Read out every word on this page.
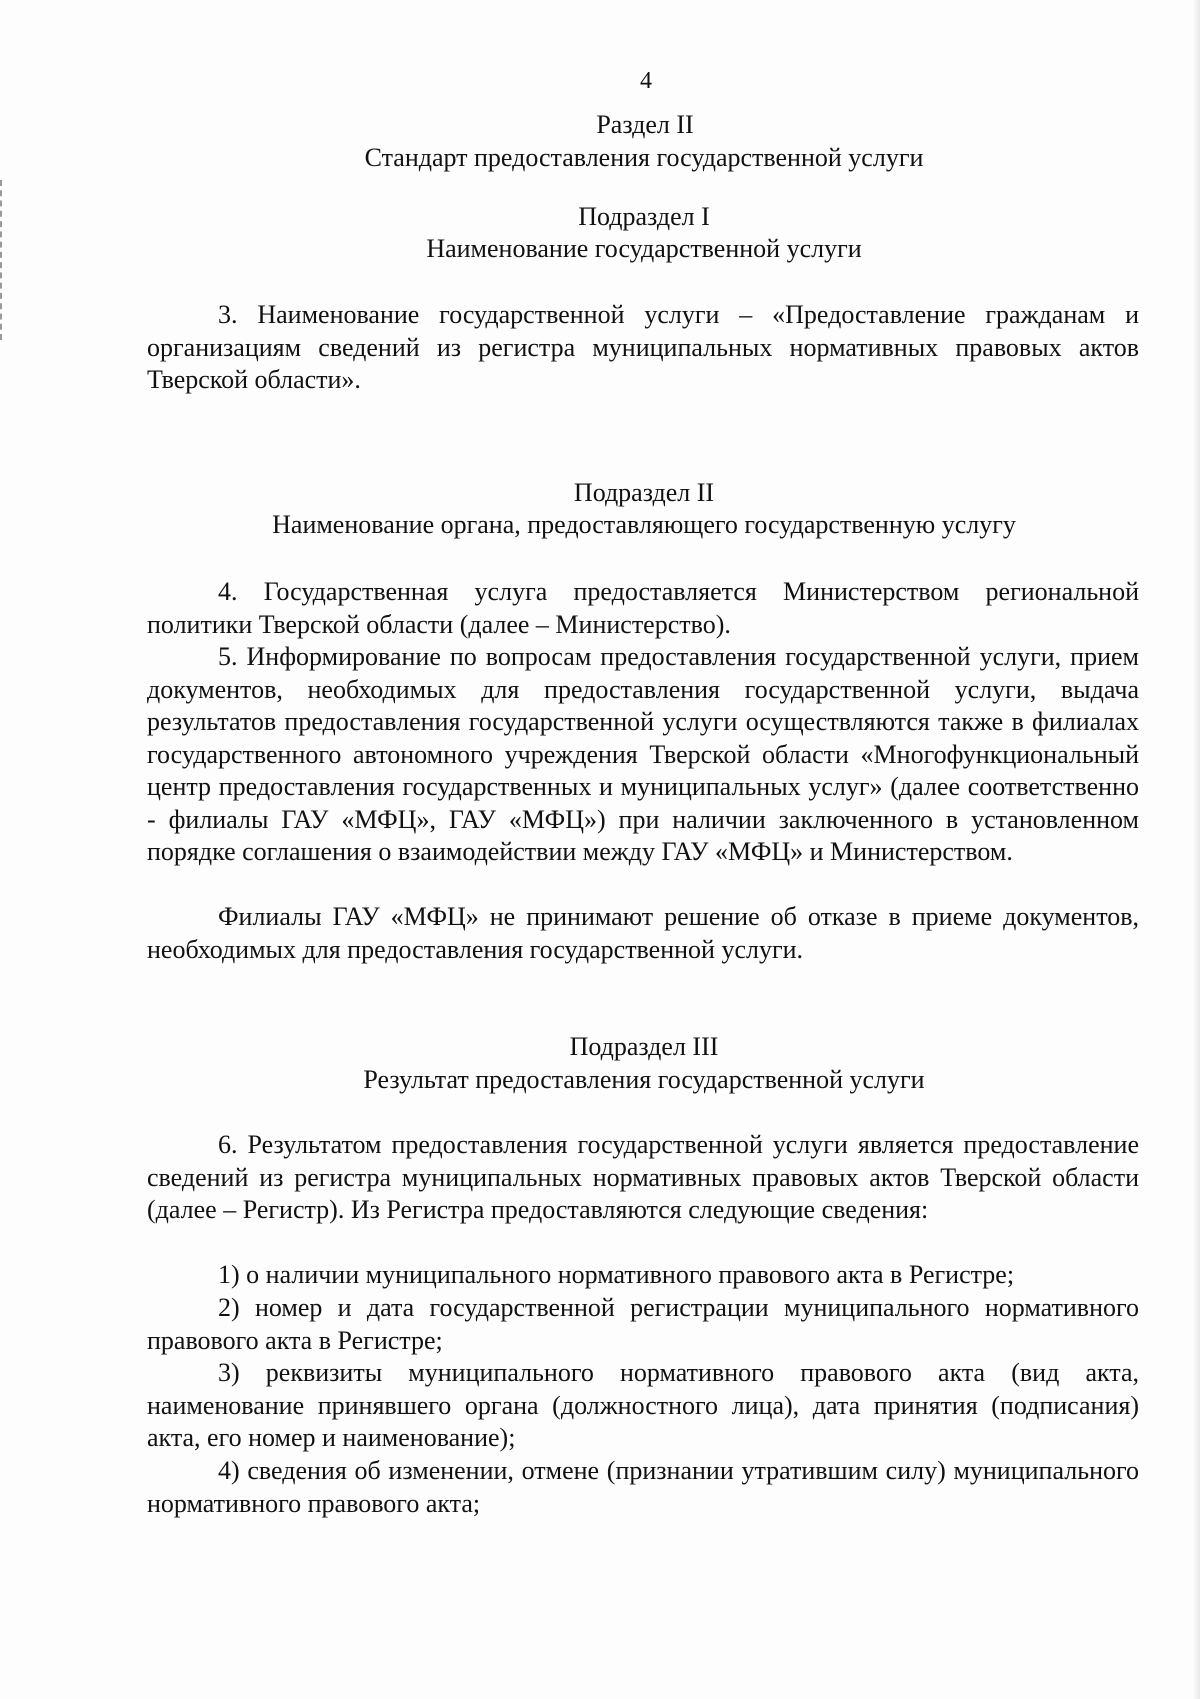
4
Раздел II
Стандарт предоставления государственной услуги
Подраздел I
Наименование государственной услуги

3. Наименование государственной услуги – «Предоставление гражданам и организациям сведений из регистра муниципальных нормативных правовых актов Тверской области».

Подраздел II
Наименование органа, предоставляющего государственную услугу

4. Государственная услуга предоставляется Министерством региональной политики Тверской области (далее – Министерство).

5. Информирование по вопросам предоставления государственной услуги, прием документов, необходимых для предоставления государственной услуги, выдача результатов предоставления государственной услуги осуществляются также в филиалах государственного автономного учреждения Тверской области «Многофункциональный центр предоставления государственных и муниципальных услуг» (далее соответственно - филиалы ГАУ «МФЦ», ГАУ «МФЦ») при наличии заключенного в установленном порядке соглашения о взаимодействии между ГАУ «МФЦ» и Министерством.

Филиалы ГАУ «МФЦ» не принимают решение об отказе в приеме документов, необходимых для предоставления государственной услуги.

Подраздел III
Результат предоставления государственной услуги

6. Результатом предоставления государственной услуги является предоставление сведений из регистра муниципальных нормативных правовых актов Тверской области (далее – Регистр). Из Регистра предоставляются следующие сведения:

1) о наличии муниципального нормативного правового акта в Регистре;

2) номер и дата государственной регистрации муниципального нормативного правового акта в Регистре;

3) реквизиты муниципального нормативного правового акта (вид акта, наименование принявшего органа (должностного лица), дата принятия (подписания) акта, его номер и наименование);

4) сведения об изменении, отмене (признании утратившим силу) муниципального нормативного правового акта;
